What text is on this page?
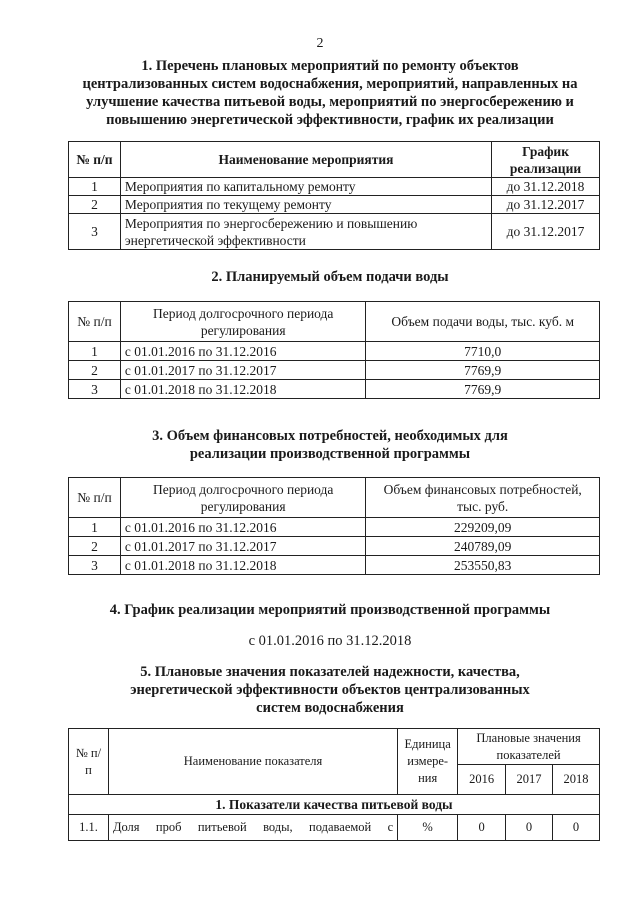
2
1. Перечень плановых мероприятий по ремонту объектов
централизованных систем водоснабжения, мероприятий, направленных на
улучшение качества питьевой воды, мероприятий по энергосбережению и
повышению энергетической эффективности, график их реализации
№ п/п	Наименование мероприятия	График реализации
1	Мероприятия по капитальному ремонту	до 31.12.2018
2	Мероприятия по текущему ремонту	до 31.12.2017
3	Мероприятия по энергосбережению и повышению энергетической эффективности	до 31.12.2017
2. Планируемый объем подачи воды
№ п/п	Период долгосрочного периода регулирования	Объем подачи воды, тыс. куб. м
1	с 01.01.2016 по 31.12.2016	7710,0
2	с 01.01.2017 по 31.12.2017	7769,9
3	с 01.01.2018 по 31.12.2018	7769,9
3. Объем финансовых потребностей, необходимых для
реализации производственной программы
№ п/п	Период долгосрочного периода регулирования	Объем финансовых потребностей, тыс. руб.
1	с 01.01.2016 по 31.12.2016	229209,09
2	с 01.01.2017 по 31.12.2017	240789,09
3	с 01.01.2018 по 31.12.2018	253550,83
4. График реализации мероприятий производственной программы
с 01.01.2016 по 31.12.2018
5. Плановые значения показателей надежности, качества,
энергетической эффективности объектов централизованных
систем водоснабжения
№ п/п	Наименование показателя	Единица измере-ния	Плановые значения показателей		
			2016	2017	2018
1. Показатели качества питьевой воды					
1.1.	Доля проб питьевой воды, подаваемой с	%	0	0	0
